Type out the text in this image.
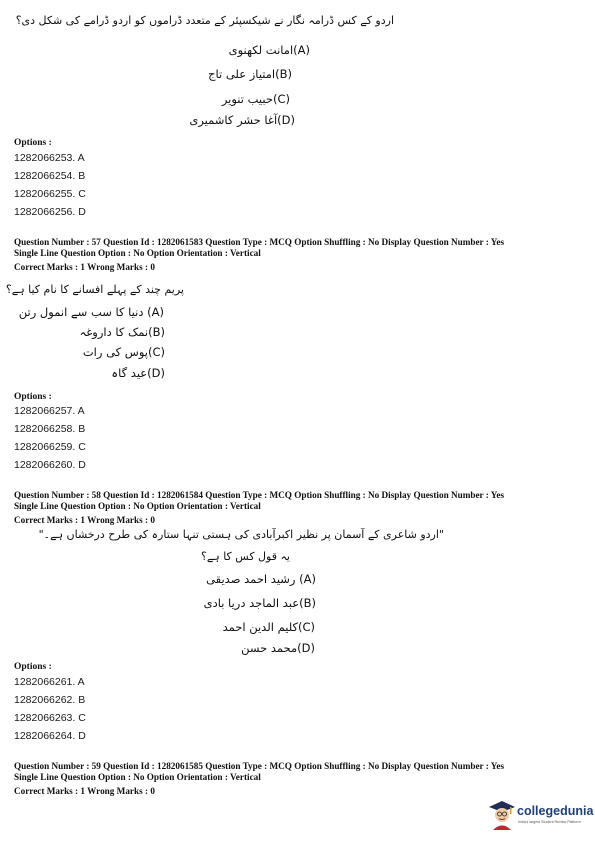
اردو کے کس ڈرامہ نگار نے شیکسپئر کے متعدد ڈراموں کو اردو ڈرامے کی شکل دی؟
(A)امانت لکھنوی
(B)امتیاز علی تاج
(C)حبیب تنویر
(D)آغا حشر کاشمیری
Options :
1282066253. A
1282066254. B
1282066255. C
1282066256. D
Question Number : 57 Question Id : 1282061583 Question Type : MCQ Option Shuffling : No Display Question Number : Yes
Single Line Question Option : No Option Orientation : Vertical
Correct Marks : 1 Wrong Marks : 0
پریم چند کے پہلے افسانے کا نام کیا ہے؟
(A) دنیا کا سب سے انمول رتن
(B)نمک کا داروغہ
(C)پوس کی رات
(D)عید گاہ
Options :
1282066257. A
1282066258. B
1282066259. C
1282066260. D
Question Number : 58 Question Id : 1282061584 Question Type : MCQ Option Shuffling : No Display Question Number : Yes
Single Line Question Option : No Option Orientation : Vertical
Correct Marks : 1 Wrong Marks : 0
"اردو شاعری کے آسمان پر نظیر اکبرآبادی کی ہستی تنہا ستارہ کی طرح درخشاں ہے۔"
یہ قول کس کا ہے؟
(A) رشید احمد صدیقی
(B)عبد الماجد دریا بادی
(C)کلیم الدین احمد
(D)محمد حسن
Options :
1282066261. A
1282066262. B
1282066263. C
1282066264. D
Question Number : 59 Question Id : 1282061585 Question Type : MCQ Option Shuffling : No Display Question Number : Yes
Single Line Question Option : No Option Orientation : Vertical
Correct Marks : 1 Wrong Marks : 0
collegedunia
India's largest Student Review Platform
